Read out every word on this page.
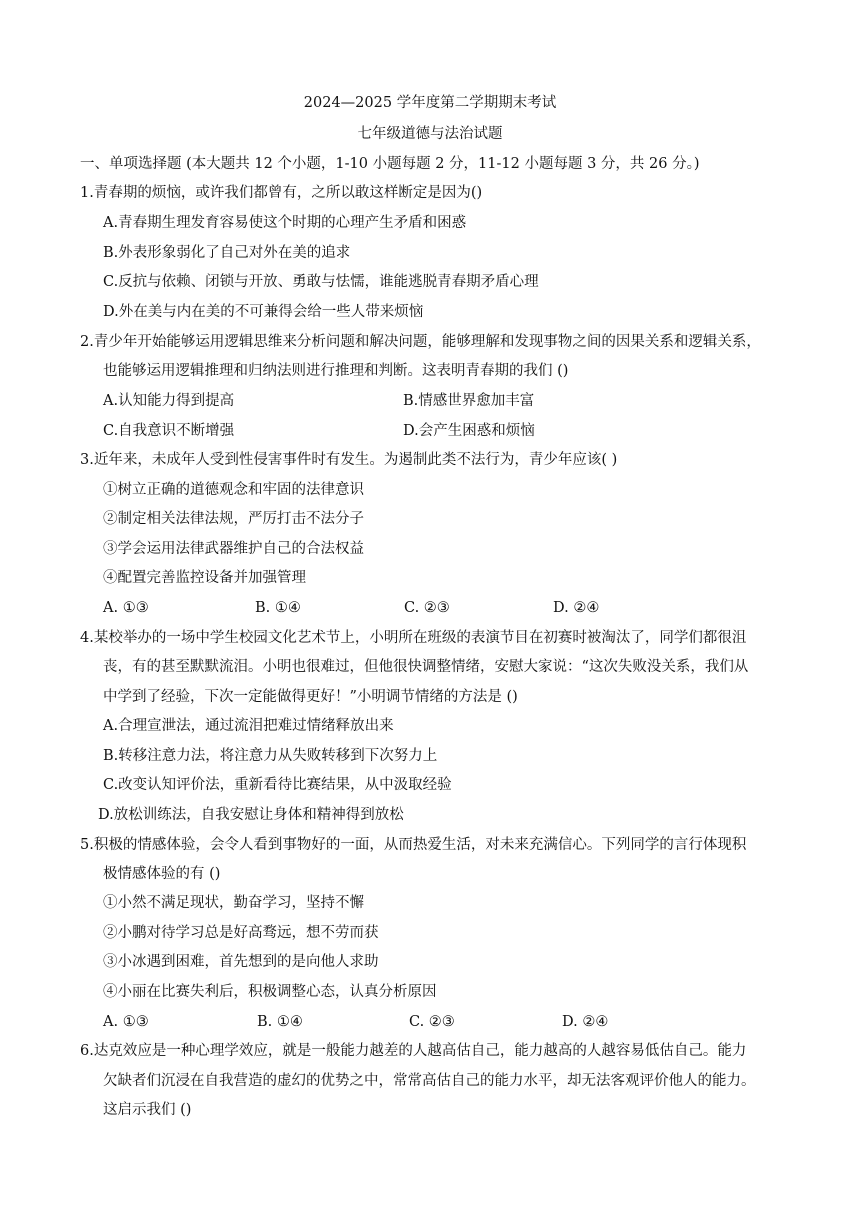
2024—2025 学年度第二学期期末考试
七年级道德与法治试题
一、单项选择题 (本大题共 12 个小题，1-10 小题每题 2 分，11-12 小题每题 3 分，共 26 分。)
1.青春期的烦恼，或许我们都曾有，之所以敢这样断定是因为()
A.青春期生理发育容易使这个时期的心理产生矛盾和困惑
B.外表形象弱化了自己对外在美的追求
C.反抗与依赖、闭锁与开放、勇敢与怯懦，谁能逃脱青春期矛盾心理
D.外在美与内在美的不可兼得会给一些人带来烦恼
2.青少年开始能够运用逻辑思维来分析问题和解决问题，能够理解和发现事物之间的因果关系和逻辑关系，
也能够运用逻辑推理和归纳法则进行推理和判断。这表明青春期的我们 ()
A.认知能力得到提高	B.情感世界愈加丰富
C.自我意识不断增强	D.会产生困惑和烦恼
3.近年来，未成年人受到性侵害事件时有发生。为遏制此类不法行为，青少年应该( )
①树立正确的道德观念和牢固的法律意识
②制定相关法律法规，严厉打击不法分子
③学会运用法律武器维护自己的合法权益
④配置完善监控设备并加强管理
A. ①③	B. ①④	C. ②③	D. ②④
4.某校举办的一场中学生校园文化艺术节上，小明所在班级的表演节目在初赛时被淘汰了，同学们都很沮
丧，有的甚至默默流泪。小明也很难过，但他很快调整情绪，安慰大家说：“这次失败没关系，我们从
中学到了经验，下次一定能做得更好！”小明调节情绪的方法是 ()
A.合理宣泄法，通过流泪把难过情绪释放出来
B.转移注意力法，将注意力从失败转移到下次努力上
C.改变认知评价法，重新看待比赛结果，从中汲取经验
D.放松训练法，自我安慰让身体和精神得到放松
5.积极的情感体验，会令人看到事物好的一面，从而热爱生活，对未来充满信心。下列同学的言行体现积
极情感体验的有 ()
①小然不满足现状，勤奋学习，坚持不懈
②小鹏对待学习总是好高骛远，想不劳而获
③小冰遇到困难，首先想到的是向他人求助
④小丽在比赛失利后，积极调整心态，认真分析原因
A. ①③	B. ①④	C. ②③	D. ②④
6.达克效应是一种心理学效应，就是一般能力越差的人越高估自己，能力越高的人越容易低估自己。能力
欠缺者们沉浸在自我营造的虚幻的优势之中，常常高估自己的能力水平，却无法客观评价他人的能力。
这启示我们 ()
